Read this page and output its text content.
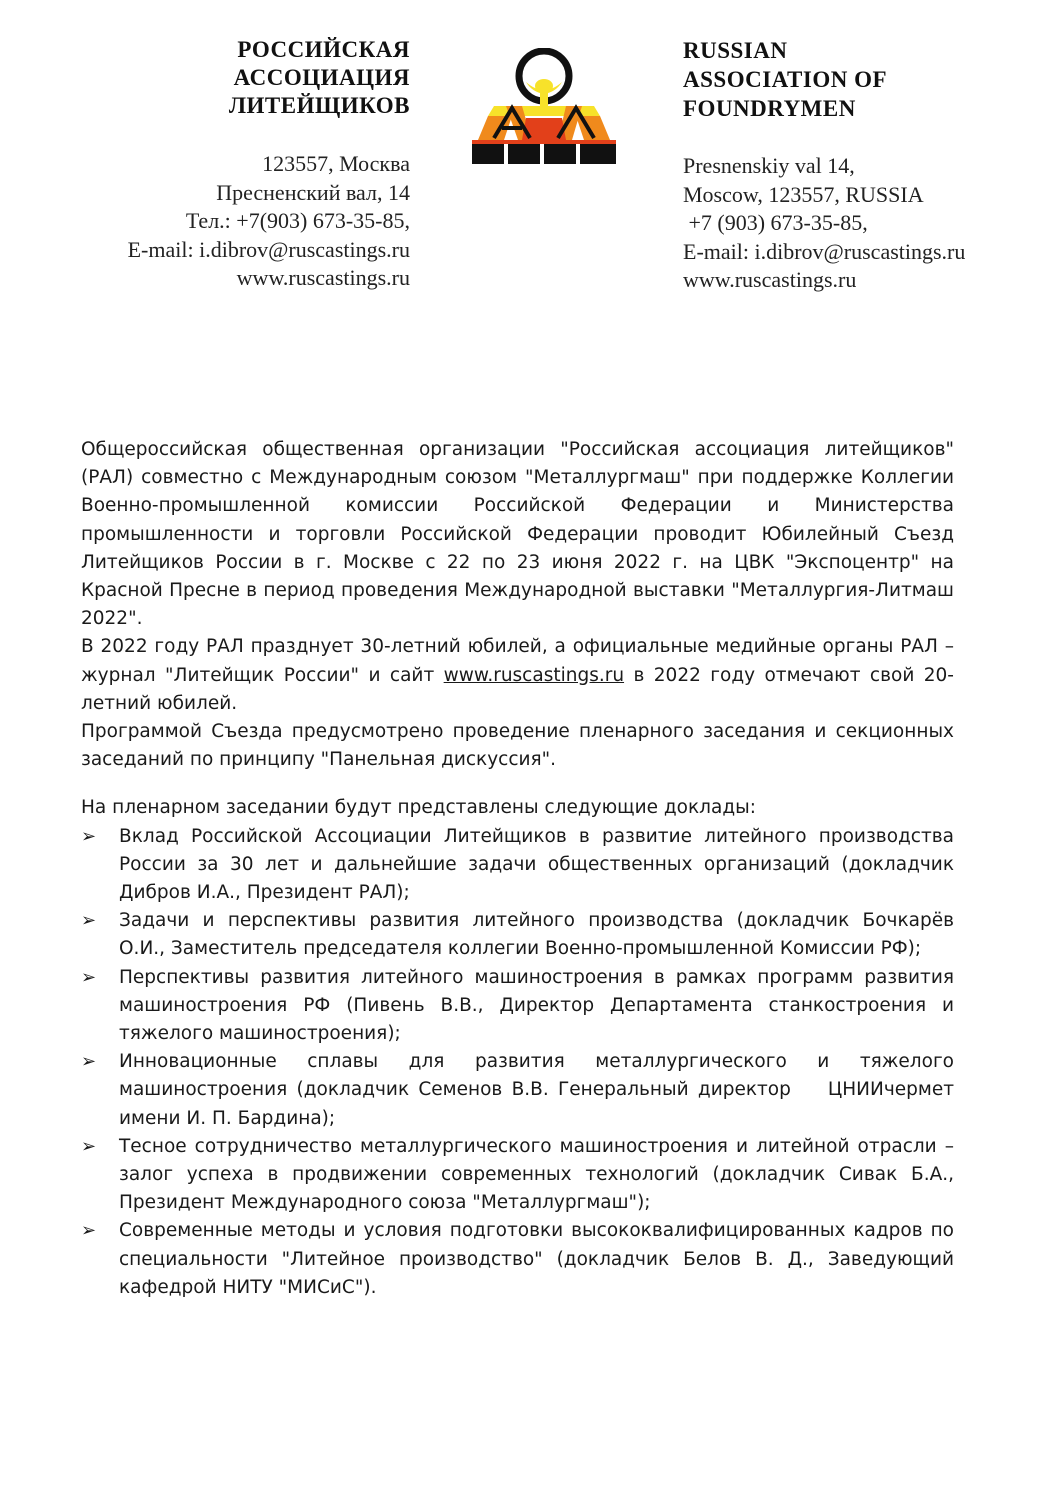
РОССИЙСКАЯ
АССОЦИАЦИЯ
ЛИТЕЙЩИКОВ
RUSSIAN
ASSOCIATION OF
FOUNDRYMEN
123557, Москва
Пресненский вал, 14
Тел.: +7(903) 673-35-85,
E-mail: i.dibrov@ruscastings.ru
www.ruscastings.ru
Presnenskiy val 14,
Moscow, 123557, RUSSIA
+7 (903) 673-35-85,
E-mail: i.dibrov@ruscastings.ru
www.ruscastings.ru

Общероссийская общественная организации "Российская ассоциация литейщиков" (РАЛ) совместно с Международным союзом "Металлургмаш" при поддержке Коллегии Военно-промышленной комиссии Российской Федерации и Министерства промышленности и торговли Российской Федерации проводит Юбилейный Съезд Литейщиков России в г. Москве с 22 по 23 июня 2022 г. на ЦВК "Экспоцентр" на Красной Пресне в период проведения Международной выставки "Металлургия-Литмаш 2022".

В 2022 году РАЛ празднует 30-летний юбилей, а официальные медийные органы РАЛ – журнал "Литейщик России" и сайт www.ruscastings.ru в 2022 году отмечают свой 20-летний юбилей.

Программой Съезда предусмотрено проведение пленарного заседания и секционных заседаний по принципу "Панельная дискуссия".

На пленарном заседании будут представлены следующие доклады:

➢ Вклад Российской Ассоциации Литейщиков в развитие литейного производства России за 30 лет и дальнейшие задачи общественных организаций (докладчик Дибров И.А., Президент РАЛ);
➢ Задачи и перспективы развития литейного производства (докладчик Бочкарёв О.И., Заместитель председателя коллегии Военно-промышленной Комиссии РФ);
➢ Перспективы развития литейного машиностроения в рамках программ развития машиностроения РФ (Пивень В.В., Директор Департамента станкостроения и тяжелого машиностроения);
➢ Инновационные сплавы для развития металлургического и тяжелого машиностроения (докладчик Семенов В.В. Генеральный директор    ЦНИИчермет имени И. П. Бардина);
➢ Тесное сотрудничество металлургического машиностроения и литейной отрасли – залог успеха в продвижении современных технологий (докладчик Сивак Б.А., Президент Международного союза "Металлургмаш");
➢ Современные методы и условия подготовки высококвалифицированных кадров по специальности "Литейное производство" (докладчик Белов В. Д., Заведующий кафедрой НИТУ "МИСиС").
